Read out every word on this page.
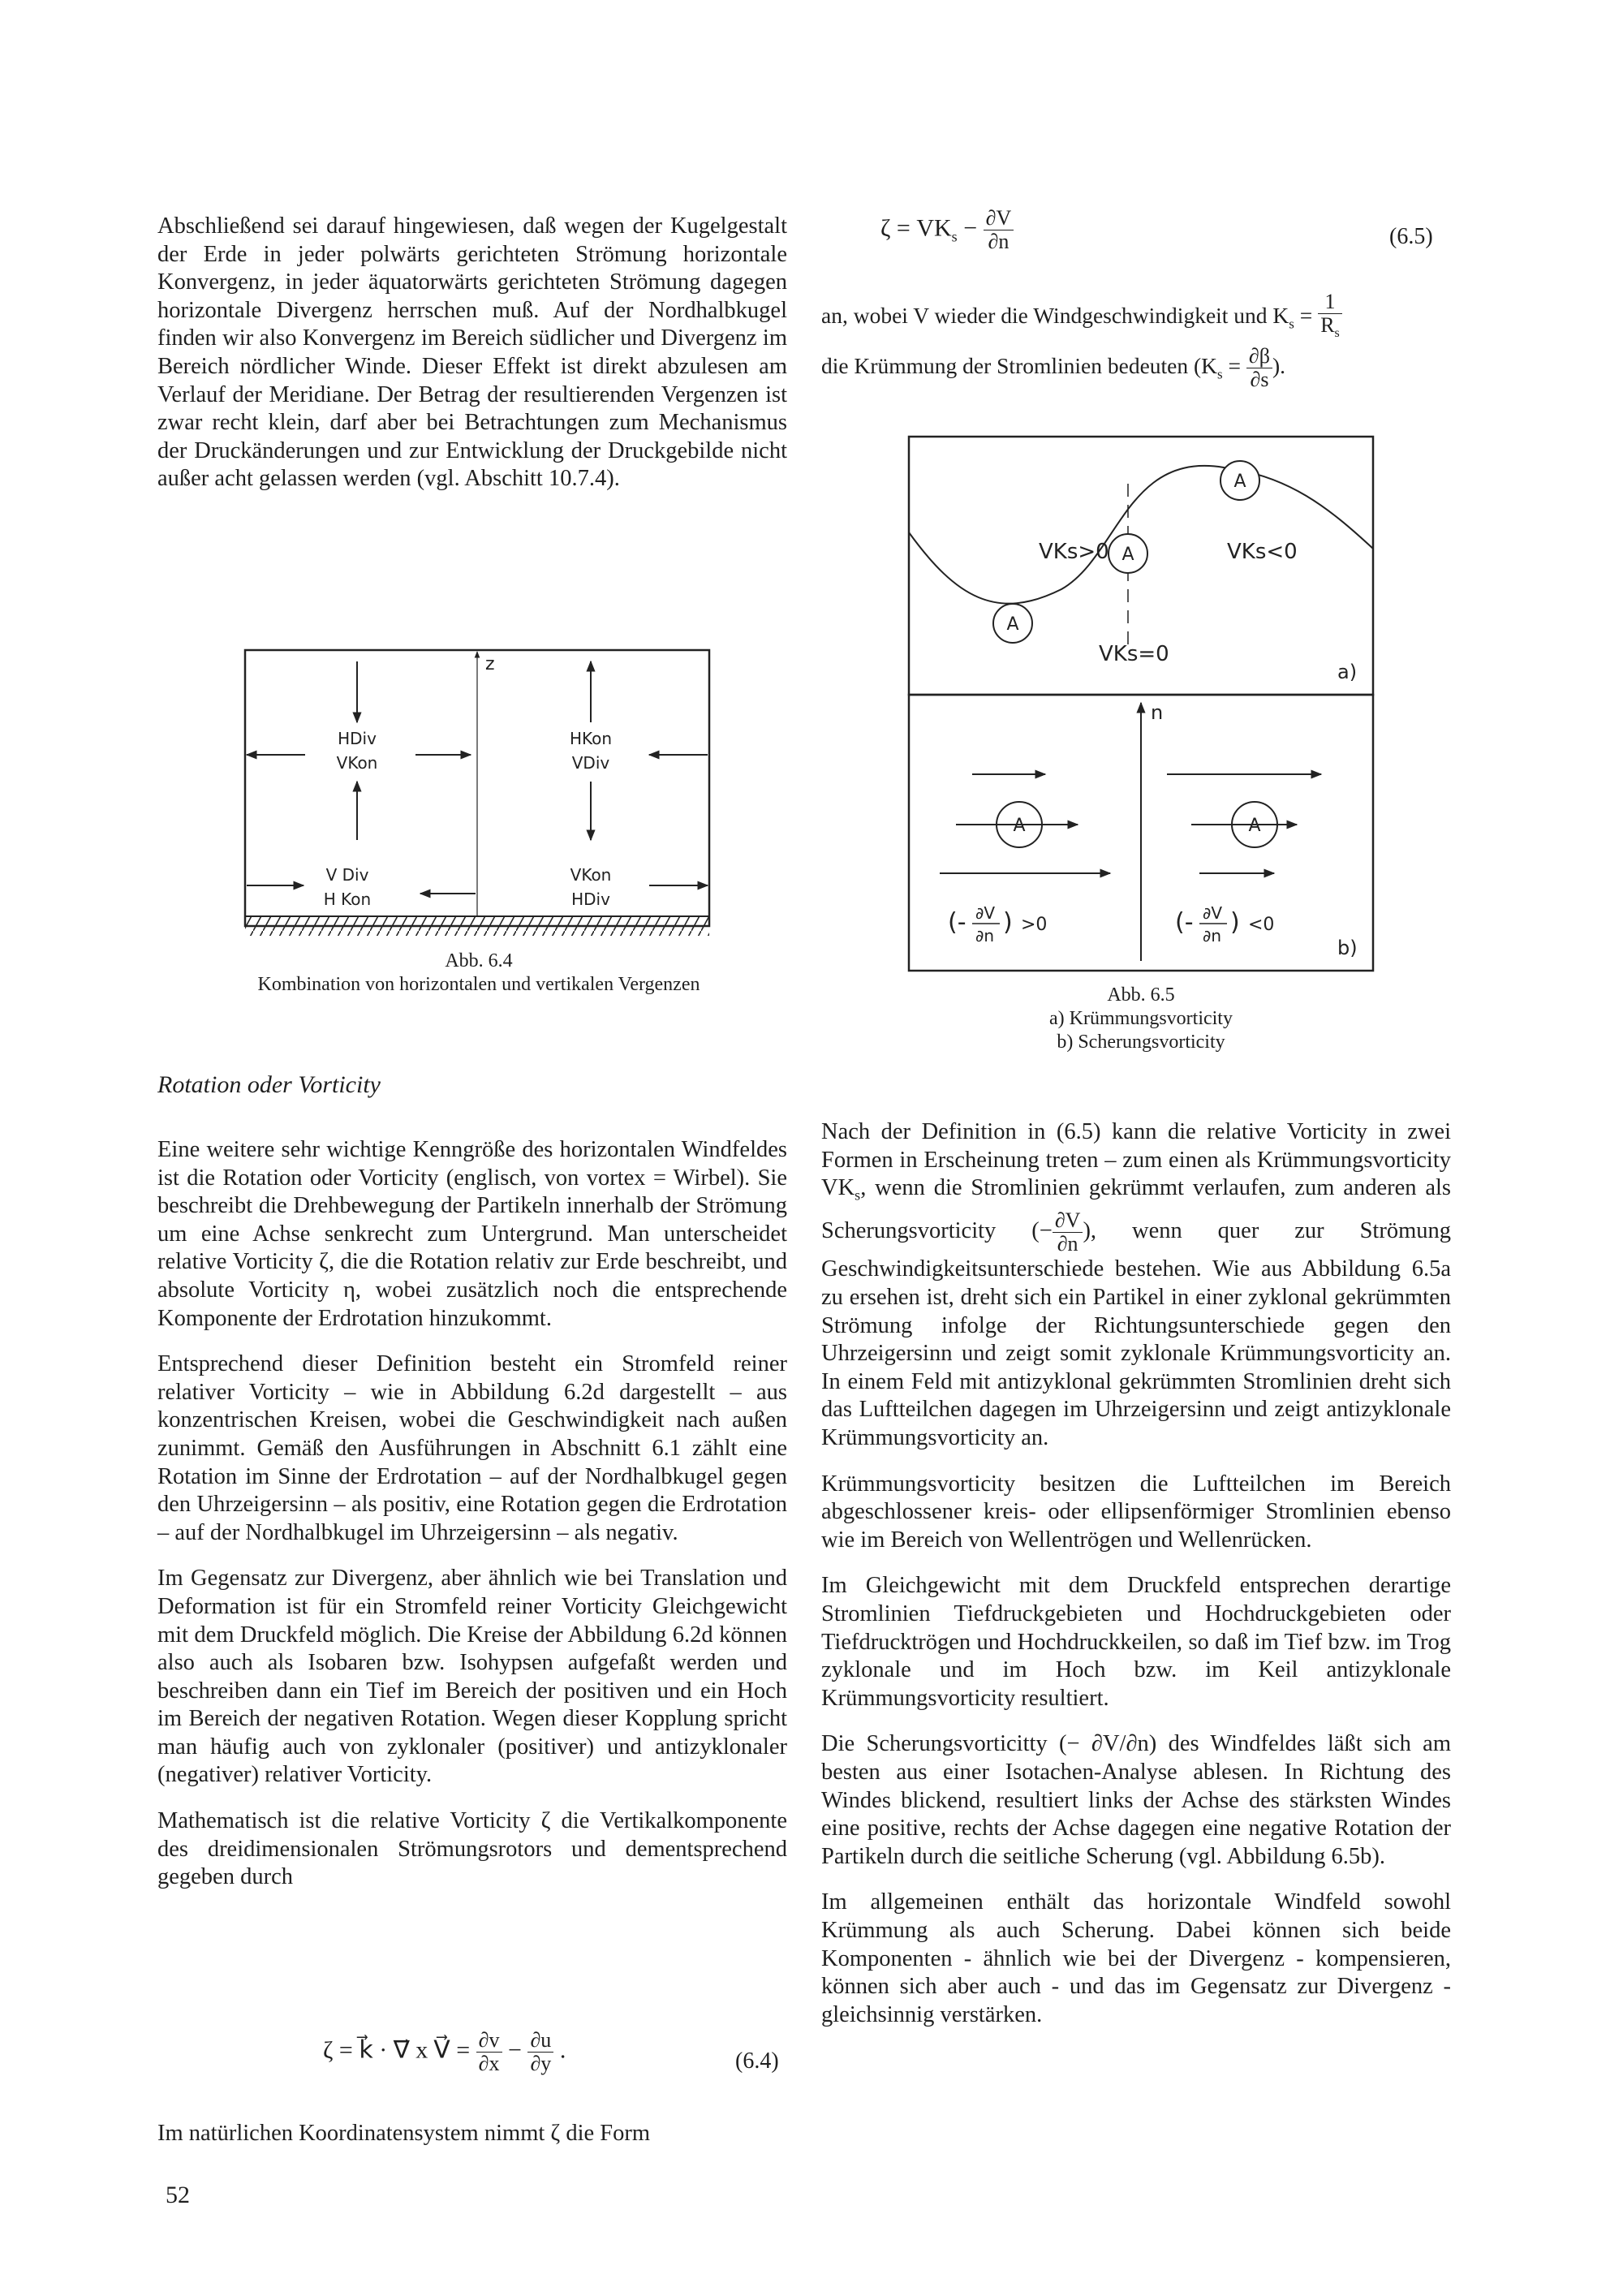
Abschließend sei darauf hingewiesen, daß wegen der Kugelgestalt der Erde in jeder polwärts gerichteten Strömung horizontale Konvergenz, in jeder äquatorwärts gerichteten Strömung dagegen horizontale Divergenz herrschen muß. Auf der Nordhalbkugel finden wir also Konvergenz im Bereich südlicher und Divergenz im Bereich nördlicher Winde. Dieser Effekt ist direkt abzulesen am Verlauf der Meridiane. Der Betrag der resultierenden Vergenzen ist zwar recht klein, darf aber bei Betrachtungen zum Mechanismus der Druckänderungen und zur Entwicklung der Druckgebilde nicht außer acht gelassen werden (vgl. Abschitt 10.7.4).

$\zeta = VK_s - \frac{\partial V}{\partial n}$	(6.5)
an, wobei V wieder die Windgeschwindigkeit und $K_s = \frac{1}{R_s}$
die Krümmung der Stromlinien bedeuten ($K_s = \frac{\partial\beta}{\partial s}$ ).
z
HDiv
VKon
HKon
VDiv
V Div
H Kon
VKon
HDiv
Abb. 6.4
Kombination von horizontalen und vertikalen Vergenzen
A
A
A
VKs>0	VKs<0
VKs=0
a)
n
A	A
(- ∂V
∂n ) >0	(- ∂V
∂n ) <0
b)
Abb. 6.5
a) Krümmungsvorticity
b) Scherungsvorticity
Rotation oder Vorticity

Eine weitere sehr wichtige Kenngröße des horizontalen Windfeldes ist die Rotation oder Vorticity (englisch, von vortex = Wirbel). Sie beschreibt die Drehbewegung der Partikeln innerhalb der Strömung um eine Achse senkrecht zum Untergrund. Man unterscheidet relative Vorticity ζ, die die Rotation relativ zur Erde beschreibt, und absolute Vorticity η, wobei zusätzlich noch die entsprechende Komponente der Erdrotation hinzukommt.

Entsprechend dieser Definition besteht ein Stromfeld reiner relativer Vorticity – wie in Abbildung 6.2d dargestellt – aus konzentrischen Kreisen, wobei die Geschwindigkeit nach außen zunimmt. Gemäß den Ausführungen in Abschnitt 6.1 zählt eine Rotation im Sinne der Erdrotation – auf der Nordhalbkugel gegen den Uhrzeigersinn – als positiv, eine Rotation gegen die Erdrotation – auf der Nordhalbkugel im Uhrzeigersinn – als negativ.

Im Gegensatz zur Divergenz, aber ähnlich wie bei Translation und Deformation ist für ein Stromfeld reiner Vorticity Gleichgewicht mit dem Druckfeld möglich. Die Kreise der Abbildung 6.2d können also auch als Isobaren bzw. Isohypsen aufgefaßt werden und beschreiben dann ein Tief im Bereich der positiven und ein Hoch im Bereich der negativen Rotation. Wegen dieser Kopplung spricht man häufig auch von zyklonaler (positiver) und antizyklonaler (negativer) relativer Vorticity.

Mathematisch ist die relative Vorticity ζ die Vertikalkomponente des dreidimensionalen Strömungsrotors und dementsprechend gegeben durch

ζ = k⃗ · ∇⃗ x V⃗ = $\frac{\partial v}{\partial x} - \frac{\partial u}{\partial y}$ .	(6.4)

Im natürlichen Koordinatensystem nimmt ζ die Form

Nach der Definition in (6.5) kann die relative Vorticity in zwei Formen in Erscheinung treten – zum einen als Krümmungsvorticity $VK_s$, wenn die Stromlinien gekrümmt verlaufen, zum anderen als Scherungsvorticity (− $\frac{\partial V}{\partial n}$ ), wenn quer zur Strömung Geschwindigkeitsunterschiede bestehen. Wie aus Abbildung 6.5a zu ersehen ist, dreht sich ein Partikel in einer zyklonal gekrümmten Strömung infolge der Richtungsunterschiede gegen den Uhrzeigersinn und zeigt somit zyklonale Krümmungsvorticity an. In einem Feld mit antizyklonal gekrümmten Stromlinien dreht sich das Luftteilchen dagegen im Uhrzeigersinn und zeigt antizyklonale Krümmungsvorticity an.

Krümmungsvorticity besitzen die Luftteilchen im Bereich abgeschlossener kreis- oder ellipsenförmiger Stromlinien ebenso wie im Bereich von Wellentrögen und Wellenrücken.

Im Gleichgewicht mit dem Druckfeld entsprechen derartige Stromlinien Tiefdruckgebieten und Hochdruckgebieten oder Tiefdrucktrögen und Hochdruckkeilen, so daß im Tief bzw. im Trog zyklonale und im Hoch bzw. im Keil antizyklonale Krümmungsvorticity resultiert.

Die Scherungsvorticitty (− ∂V/∂n) des Windfeldes läßt sich am besten aus einer Isotachen-Analyse ablesen. In Richtung des Windes blickend, resultiert links der Achse des stärksten Windes eine positive, rechts der Achse dagegen eine negative Rotation der Partikeln durch die seitliche Scherung (vgl. Abbildung 6.5b).

Im allgemeinen enthält das horizontale Windfeld sowohl Krümmung als auch Scherung. Dabei können sich beide Komponenten - ähnlich wie bei der Divergenz - kompensieren, können sich aber auch - und das im Gegensatz zur Divergenz - gleichsinnig verstärken.

52
